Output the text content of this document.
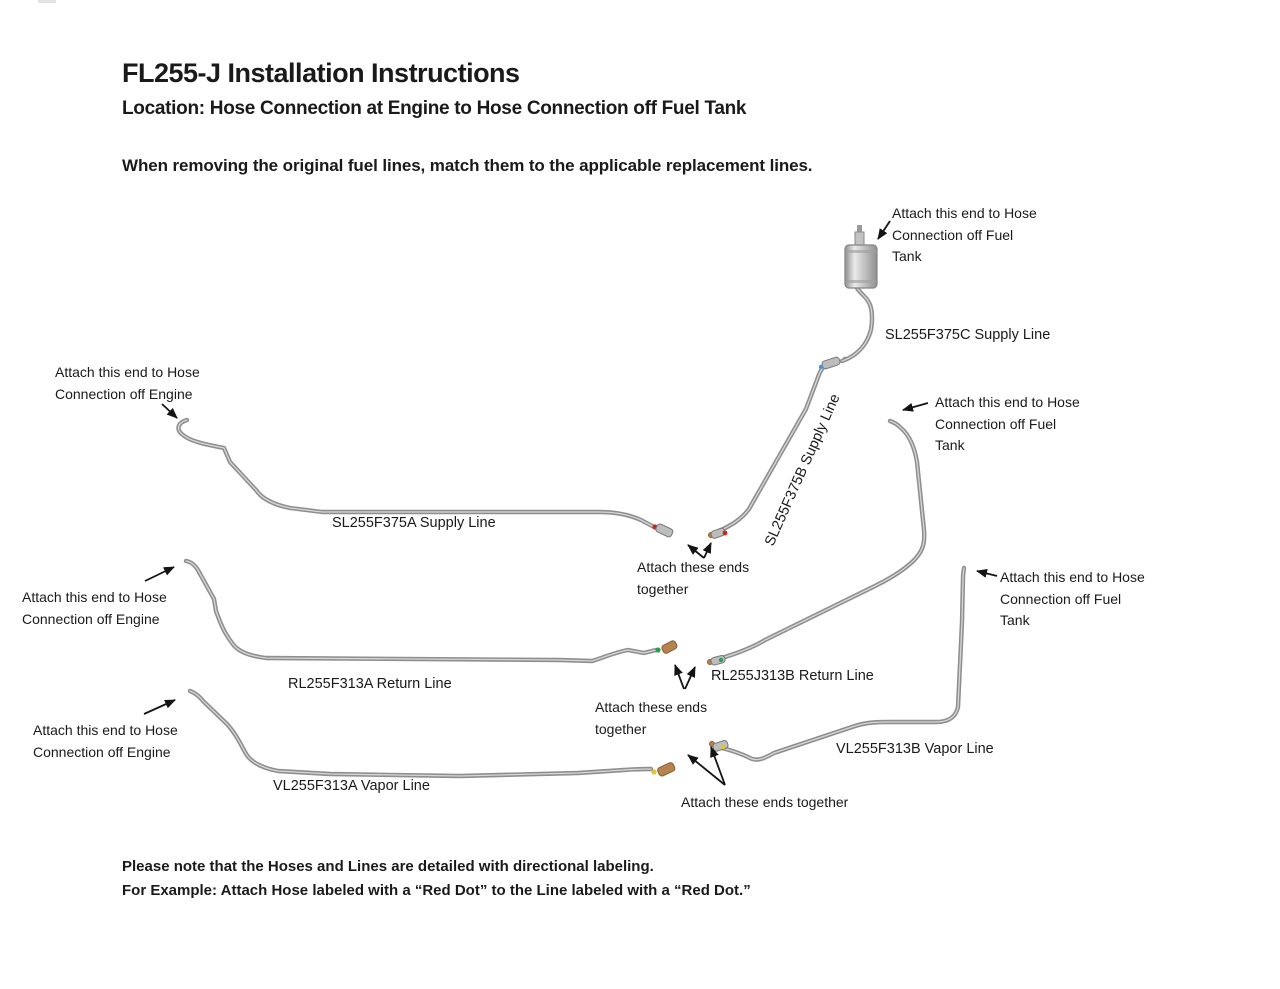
FL255-J Installation Instructions
Location: Hose Connection at Engine to Hose Connection off Fuel Tank
When removing the original fuel lines, match them to the applicable replacement lines.
Attach this end to Hose
Connection off Fuel
Tank
Attach this end to Hose
Connection off Engine
Attach this end to Hose
Connection off Fuel
Tank
Attach this end to Hose
Connection off Fuel
Tank
Attach this end to Hose
Connection off Engine
Attach this end to Hose
Connection off Engine
Attach these ends
together
Attach these ends
together
Attach these ends together
SL255F375A Supply Line	SL255F375B Supply Line
SL255F375C Supply Line
RL255F313A Return Line	RL255J313B Return Line
VL255F313A Vapor Line
VL255F313B Vapor Line
Please note that the Hoses and Lines are detailed with directional labeling.
For Example: Attach Hose labeled with a “Red Dot” to the Line labeled with a “Red Dot.”
